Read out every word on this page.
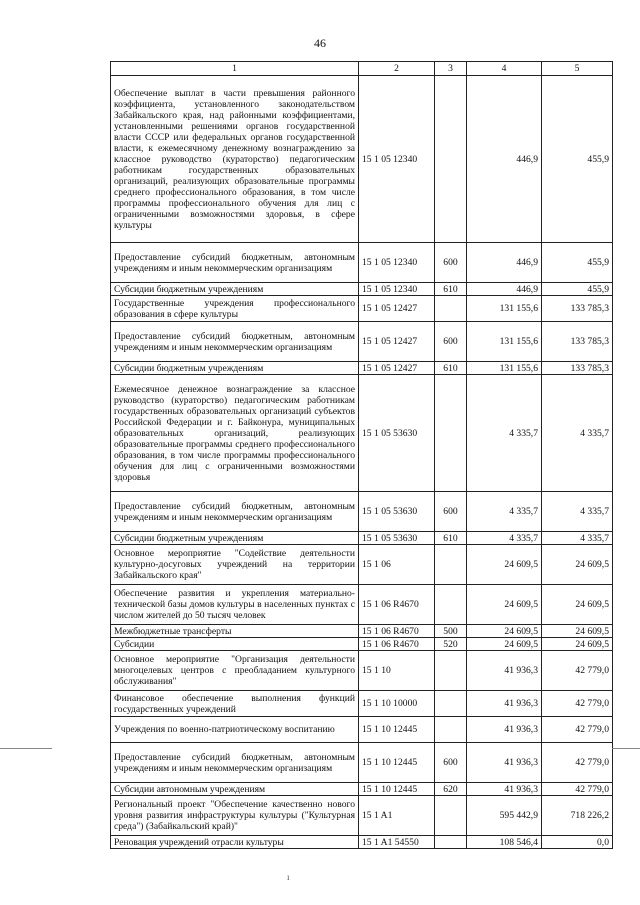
46
1	2	3	4	5
Обеспечение выплат в части превышения районного коэффициента, установленного законодательством Забайкальского края, над районными коэффициентами, установленными решениями органов государственной власти СССР или федеральных органов государственной власти, к ежемесячному денежному вознаграждению за классное руководство (кураторство) педагогическим работникам государственных образовательных организаций, реализующих образовательные программы среднего профессионального образования, в том числе программы профессионального обучения для лиц с ограниченными возможностями здоровья, в сфере культуры	15 1 05 12340		446,9	455,9
Предоставление субсидий бюджетным, автономным учреждениям и иным некоммерческим организациям	15 1 05 12340	600	446,9	455,9
Субсидии бюджетным учреждениям	15 1 05 12340	610	446,9	455,9
Государственные учреждения профессионального образования в сфере культуры	15 1 05 12427		131 155,6	133 785,3
Предоставление субсидий бюджетным, автономным учреждениям и иным некоммерческим организациям	15 1 05 12427	600	131 155,6	133 785,3
Субсидии бюджетным учреждениям	15 1 05 12427	610	131 155,6	133 785,3
Ежемесячное денежное вознаграждение за классное руководство (кураторство) педагогическим работникам государственных образовательных организаций субъектов Российской Федерации и г. Байконура, муниципальных образовательных организаций, реализующих образовательные программы среднего профессионального образования, в том числе программы профессионального обучения для лиц с ограниченными возможностями здоровья	15 1 05 53630		4 335,7	4 335,7
Предоставление субсидий бюджетным, автономным учреждениям и иным некоммерческим организациям	15 1 05 53630	600	4 335,7	4 335,7
Субсидии бюджетным учреждениям	15 1 05 53630	610	4 335,7	4 335,7
Основное мероприятие "Содействие деятельности культурно-досуговых учреждений на территории Забайкальского края"	15 1 06		24 609,5	24 609,5
Обеспечение развития и укрепления материально-технической базы домов культуры в населенных пунктах с числом жителей до 50 тысяч человек	15 1 06 R4670		24 609,5	24 609,5
Межбюджетные трансферты	15 1 06 R4670	500	24 609,5	24 609,5
Субсидии	15 1 06 R4670	520	24 609,5	24 609,5
Основное мероприятие "Организация деятельности многоцелевых центров с преобладанием культурного обслуживания"	15 1 10		41 936,3	42 779,0
Финансовое обеспечение выполнения функций государственных учреждений	15 1 10 10000		41 936,3	42 779,0
Учреждения по военно-патриотическому воспитанию	15 1 10 12445		41 936,3	42 779,0
Предоставление субсидий бюджетным, автономным учреждениям и иным некоммерческим организациям	15 1 10 12445	600	41 936,3	42 779,0
Субсидии автономным учреждениям	15 1 10 12445	620	41 936,3	42 779,0
Региональный проект "Обеспечение качественно нового уровня развития инфраструктуры культуры ("Культурная среда") (Забайкальский край)"	15 1 A1		595 442,9	718 226,2
Реновация учреждений отрасли культуры	15 1 A1 54550		108 546,4	0,0
ı
